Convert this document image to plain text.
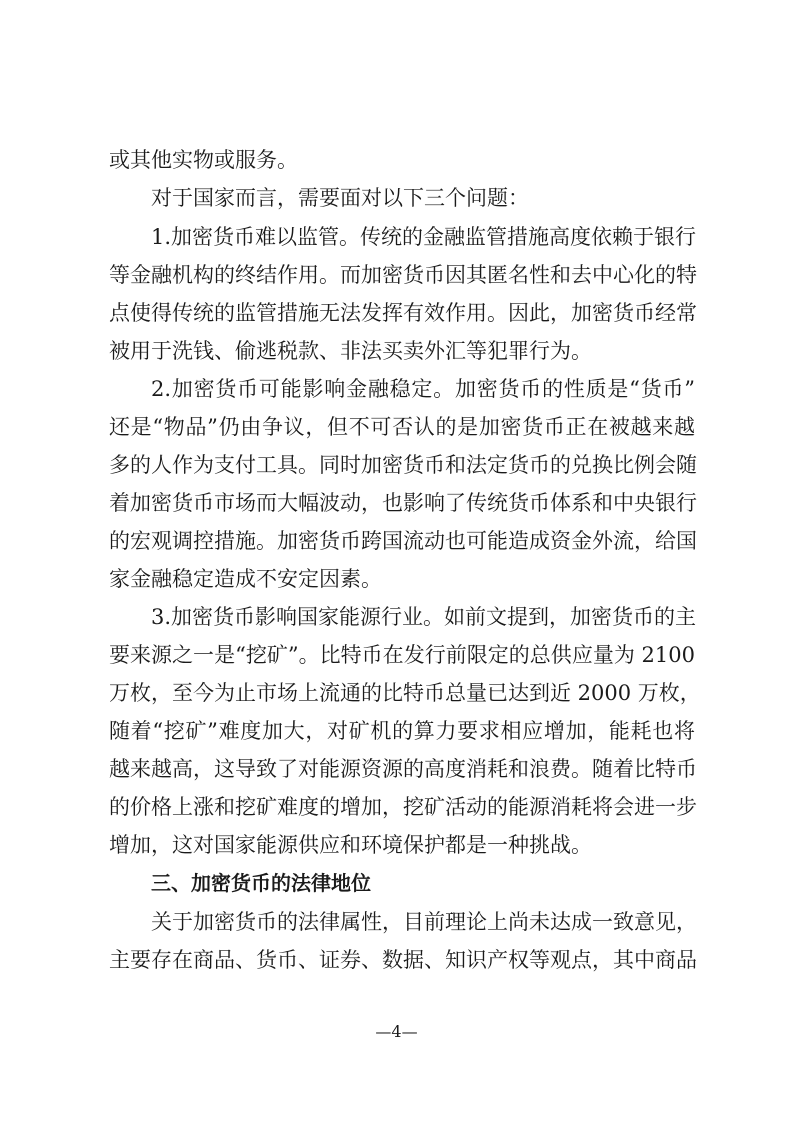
或其他实物或服务。
对于国家而言，需要面对以下三个问题：
1.加密货币难以监管。传统的金融监管措施高度依赖于银行
等金融机构的终结作用。而加密货币因其匿名性和去中心化的特
点使得传统的监管措施无法发挥有效作用。因此，加密货币经常
被用于洗钱、偷逃税款、非法买卖外汇等犯罪行为。
2.加密货币可能影响金融稳定。加密货币的性质是“货币”
还是“物品”仍由争议，但不可否认的是加密货币正在被越来越
多的人作为支付工具。同时加密货币和法定货币的兑换比例会随
着加密货币市场而大幅波动，也影响了传统货币体系和中央银行
的宏观调控措施。加密货币跨国流动也可能造成资金外流，给国
家金融稳定造成不安定因素。
3.加密货币影响国家能源行业。如前文提到，加密货币的主
要来源之一是“挖矿”。比特币在发行前限定的总供应量为 2100
万枚，至今为止市场上流通的比特币总量已达到近 2000 万枚，
随着“挖矿”难度加大，对矿机的算力要求相应增加，能耗也将
越来越高，这导致了对能源资源的高度消耗和浪费。随着比特币
的价格上涨和挖矿难度的增加，挖矿活动的能源消耗将会进一步
增加，这对国家能源供应和环境保护都是一种挑战。
三、加密货币的法律地位
关于加密货币的法律属性，目前理论上尚未达成一致意见，
主要存在商品、货币、证券、数据、知识产权等观点，其中商品
—4—
